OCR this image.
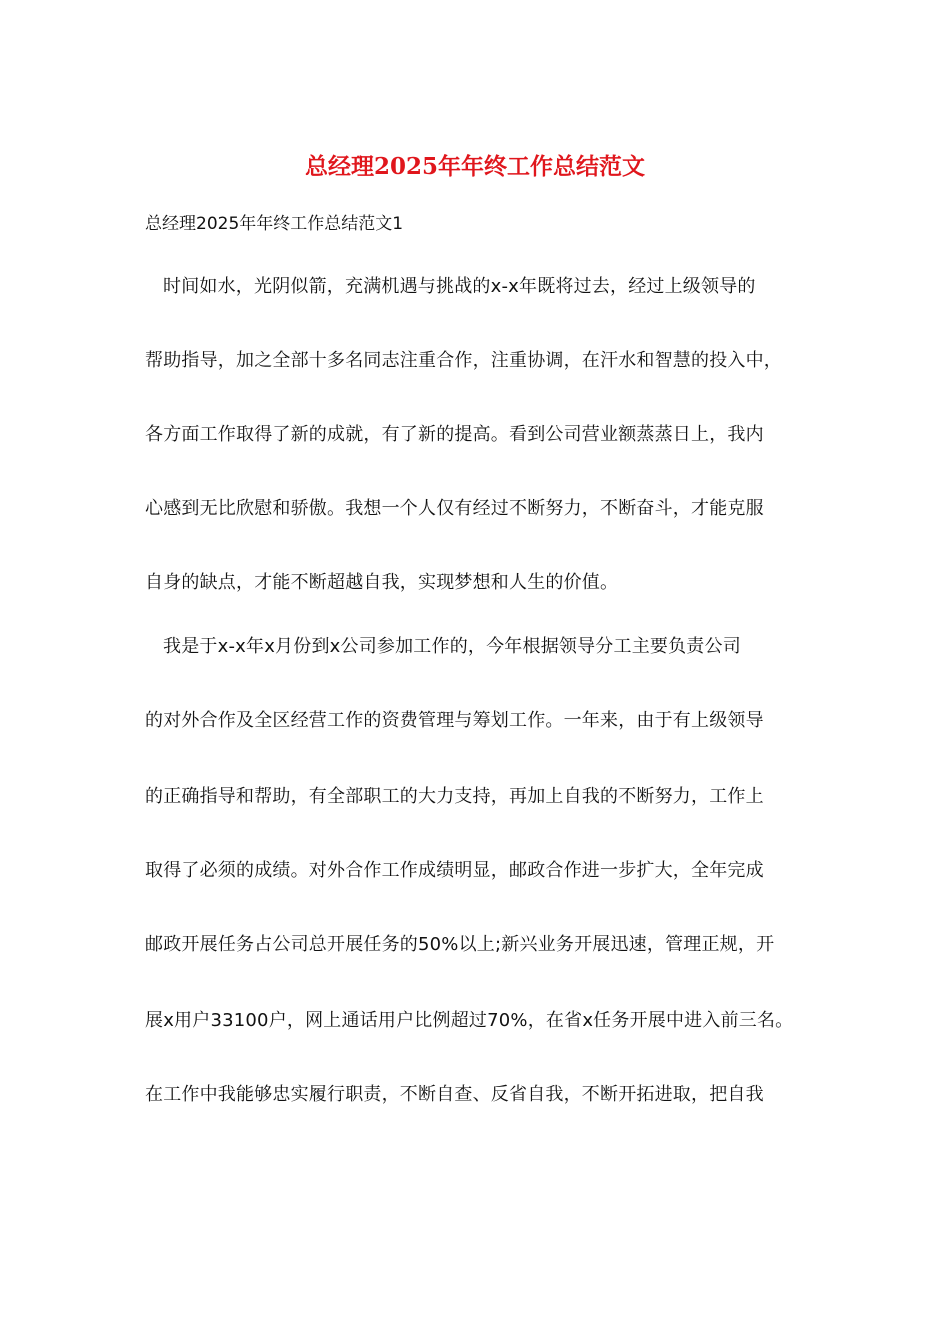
总经理2025年年终工作总结范文
总经理2025年年终工作总结范文1
时间如水，光阴似箭，充满机遇与挑战的x-x年既将过去，经过上级领导的
帮助指导，加之全部十多名同志注重合作，注重协调，在汗水和智慧的投入中，
各方面工作取得了新的成就，有了新的提高。看到公司营业额蒸蒸日上，我内
心感到无比欣慰和骄傲。我想一个人仅有经过不断努力，不断奋斗，才能克服
自身的缺点，才能不断超越自我，实现梦想和人生的价值。
我是于x-x年x月份到x公司参加工作的，今年根据领导分工主要负责公司
的对外合作及全区经营工作的资费管理与筹划工作。一年来，由于有上级领导
的正确指导和帮助，有全部职工的大力支持，再加上自我的不断努力，工作上
取得了必须的成绩。对外合作工作成绩明显，邮政合作进一步扩大，全年完成
邮政开展任务占公司总开展任务的50%以上;新兴业务开展迅速，管理正规，开
展x用户33100户，网上通话用户比例超过70%，在省x任务开展中进入前三名。
在工作中我能够忠实履行职责，不断自查、反省自我，不断开拓进取，把自我
